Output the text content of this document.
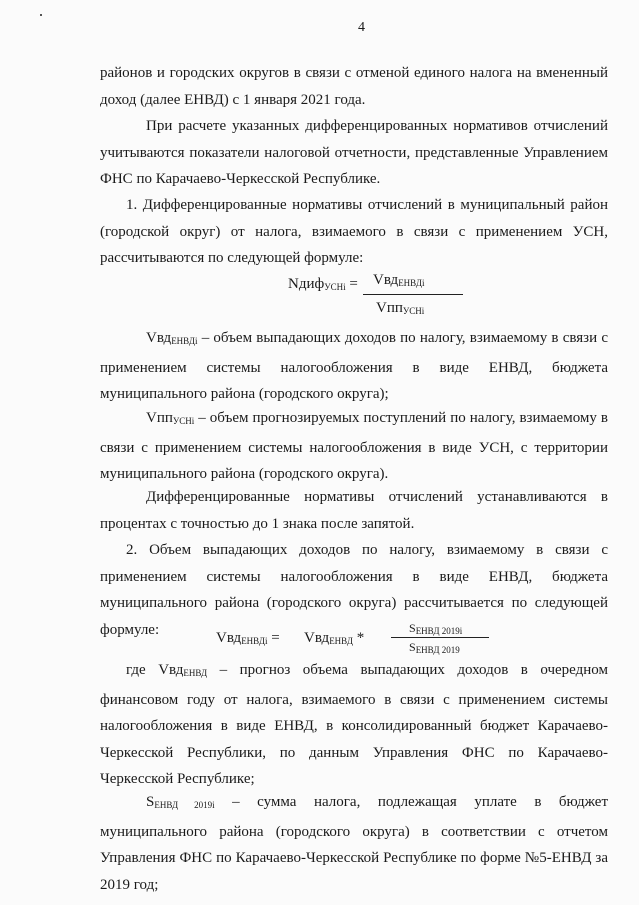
4

районов и городских округов в связи с отменой единого налога на вмененный доход (далее ЕНВД) с 1 января 2021 года.

При расчете указанных дифференцированных нормативов отчислений учитываются показатели налоговой отчетности, представленные Управлением ФНС по Карачаево-Черкесской Республике.

1. Дифференцированные нормативы отчислений в муниципальный район (городской округ) от налога, взимаемого в связи с применением УСН, рассчитываются по следующей формуле:

Nдиф$_{УСНi}$ = Vвд$_{ЕНВДi}$
Vпп$_{УСНi}$

Vвд$_{ЕНВДi}$ – объем выпадающих доходов по налогу, взимаемому в связи с применением системы налогообложения в виде ЕНВД, бюджета муниципального района (городского округа);

Vпп$_{УСНi}$ – объем прогнозируемых поступлений по налогу, взимаемому в связи с применением системы налогообложения в виде УСН, с территории муниципального района (городского округа).

Дифференцированные нормативы отчислений устанавливаются в процентах с точностью до 1 знака после запятой.

2. Объем выпадающих доходов по налогу, взимаемому в связи с применением системы налогообложения в виде ЕНВД, бюджета муниципального района (городского округа) рассчитывается по следующей формуле:

Vвд$_{ЕНВДi}$ = Vвд$_{ЕНВД}$ *
$S_{ЕНВД 2019i}$
$S_{ЕНВД 2019}$

где Vвд$_{ЕНВД}$ – прогноз объема выпадающих доходов в очередном финансовом году от налога, взимаемого в связи с применением системы налогообложения в виде ЕНВД, в консолидированный бюджет Карачаево-Черкесской Республики, по данным Управления ФНС по Карачаево-Черкесской Республике;

$S_{ЕНВД 2019i}$ – сумма налога, подлежащая уплате в бюджет муниципального района (городского округа) в соответствии с отчетом Управления ФНС по Карачаево-Черкесской Республике по форме №5-ЕНВД за 2019 год;
